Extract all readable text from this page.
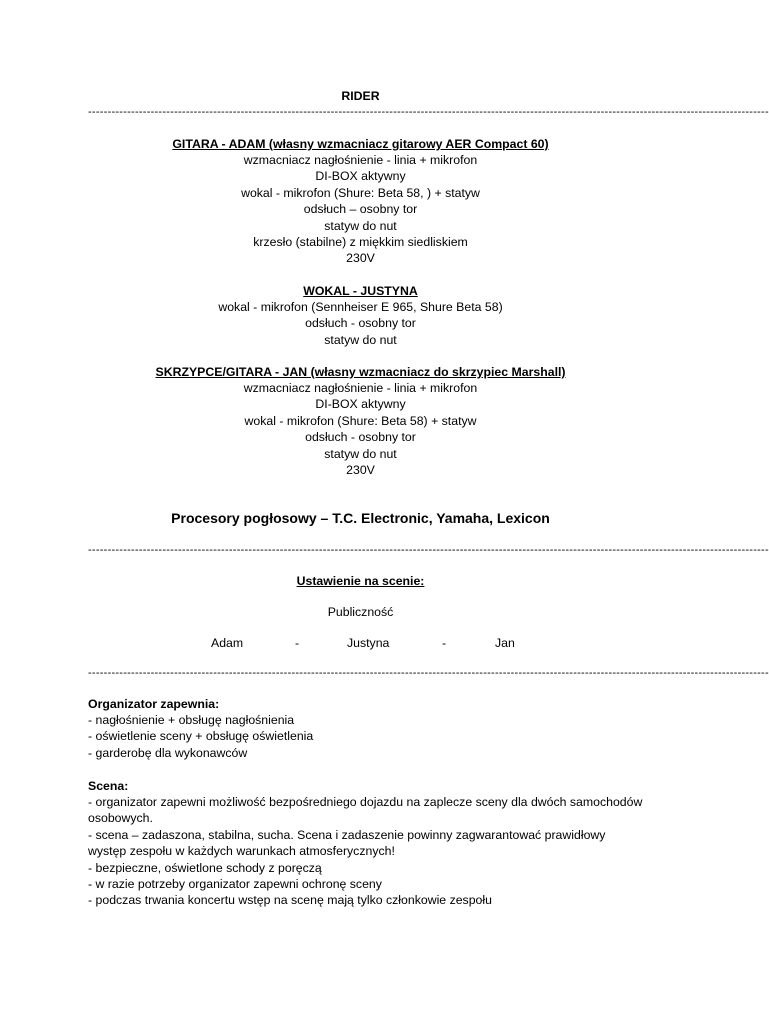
RIDER
------------------------------------------------------------------------------------------------------------------------------------------------------------------------------
GITARA - ADAM (własny wzmacniacz gitarowy AER Compact 60)
wzmacniacz nagłośnienie - linia + mikrofon
DI-BOX aktywny
wokal - mikrofon (Shure: Beta 58, ) + statyw
odsłuch – osobny tor
statyw do nut
krzesło (stabilne) z miękkim siedliskiem
230V
WOKAL - JUSTYNA
wokal - mikrofon (Sennheiser E 965, Shure Beta 58)
odsłuch - osobny tor
statyw do nut
SKRZYPCE/GITARA - JAN (własny wzmacniacz do skrzypiec Marshall)
wzmacniacz nagłośnienie - linia + mikrofon
DI-BOX aktywny
wokal - mikrofon (Shure: Beta 58) + statyw
odsłuch - osobny tor
statyw do nut
230V
Procesory pogłosowy – T.C. Electronic, Yamaha, Lexicon
------------------------------------------------------------------------------------------------------------------------------------------------------------------------------
Ustawienie na scenie:
Publiczność
Adam	-	Justyna	-	Jan
------------------------------------------------------------------------------------------------------------------------------------------------------------------------------
Organizator zapewnia:
- nagłośnienie + obsługę nagłośnienia
- oświetlenie sceny + obsługę oświetlenia
- garderobę dla wykonawców
Scena:
- organizator zapewni możliwość bezpośredniego dojazdu na zaplecze sceny dla dwóch samochodów osobowych.
- scena – zadaszona, stabilna, sucha. Scena i zadaszenie powinny zagwarantować prawidłowy występ zespołu w każdych warunkach atmosferycznych!
- bezpieczne, oświetlone schody z poręczą
- w razie potrzeby organizator zapewni ochronę sceny
- podczas trwania koncertu wstęp na scenę mają tylko członkowie zespołu
